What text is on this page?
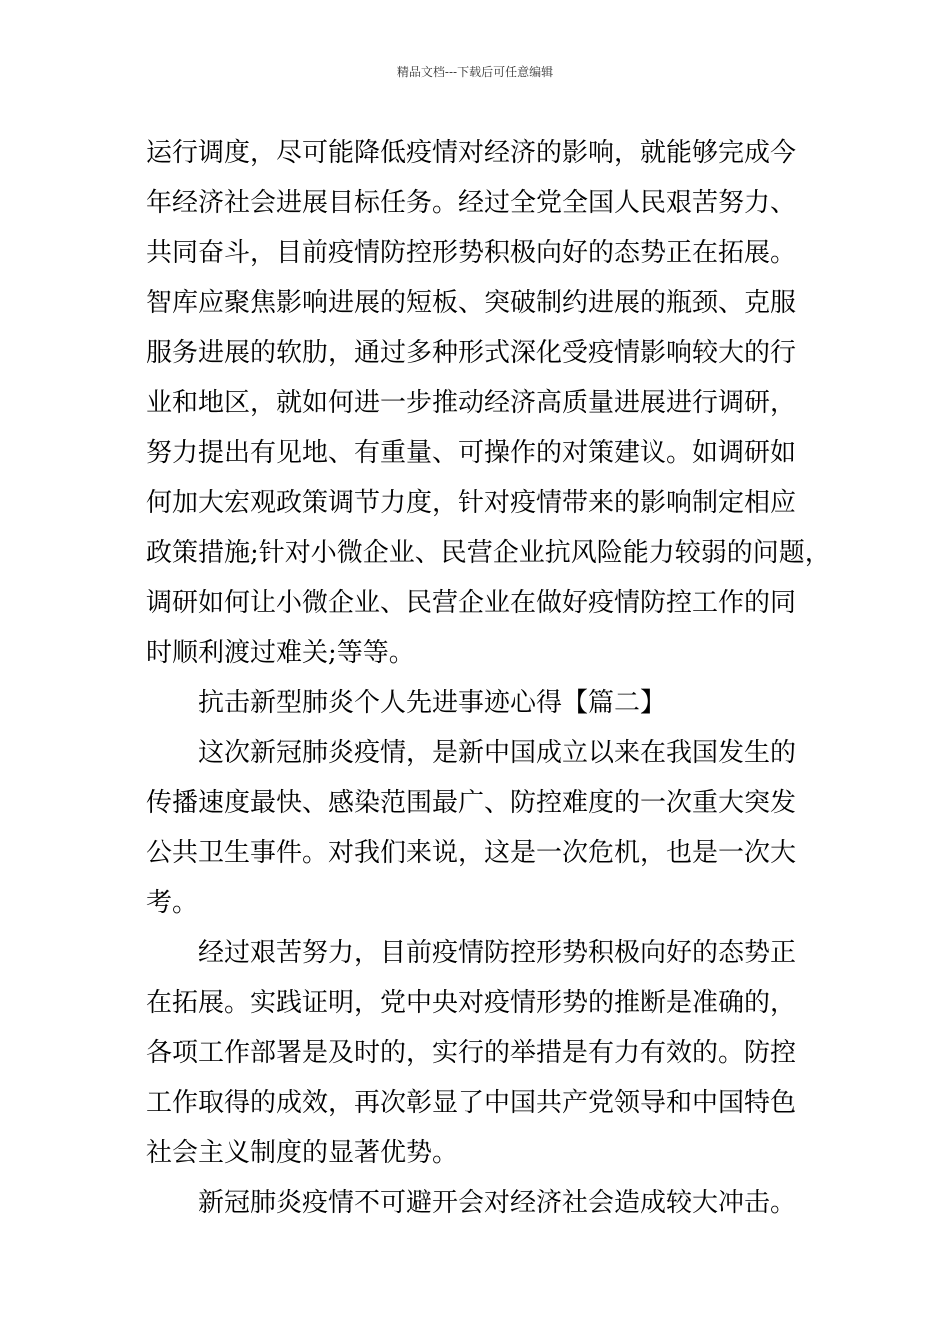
精品文档---下载后可任意编辑

运行调度，尽可能降低疫情对经济的影响，就能够完成今
年经济社会进展目标任务。经过全党全国人民艰苦努力、
共同奋斗，目前疫情防控形势积极向好的态势正在拓展。
智库应聚焦影响进展的短板、突破制约进展的瓶颈、克服
服务进展的软肋，通过多种形式深化受疫情影响较大的行
业和地区，就如何进一步推动经济高质量进展进行调研，
努力提出有见地、有重量、可操作的对策建议。如调研如
何加大宏观政策调节力度，针对疫情带来的影响制定相应
政策措施;针对小微企业、民营企业抗风险能力较弱的问题，
调研如何让小微企业、民营企业在做好疫情防控工作的同
时顺利渡过难关;等等。

抗击新型肺炎个人先进事迹心得【篇二】

这次新冠肺炎疫情，是新中国成立以来在我国发生的
传播速度最快、感染范围最广、防控难度的一次重大突发
公共卫生事件。对我们来说，这是一次危机，也是一次大
考。

经过艰苦努力，目前疫情防控形势积极向好的态势正
在拓展。实践证明，党中央对疫情形势的推断是准确的，
各项工作部署是及时的，实行的举措是有力有效的。防控
工作取得的成效，再次彰显了中国共产党领导和中国特色
社会主义制度的显著优势。

新冠肺炎疫情不可避开会对经济社会造成较大冲击。
